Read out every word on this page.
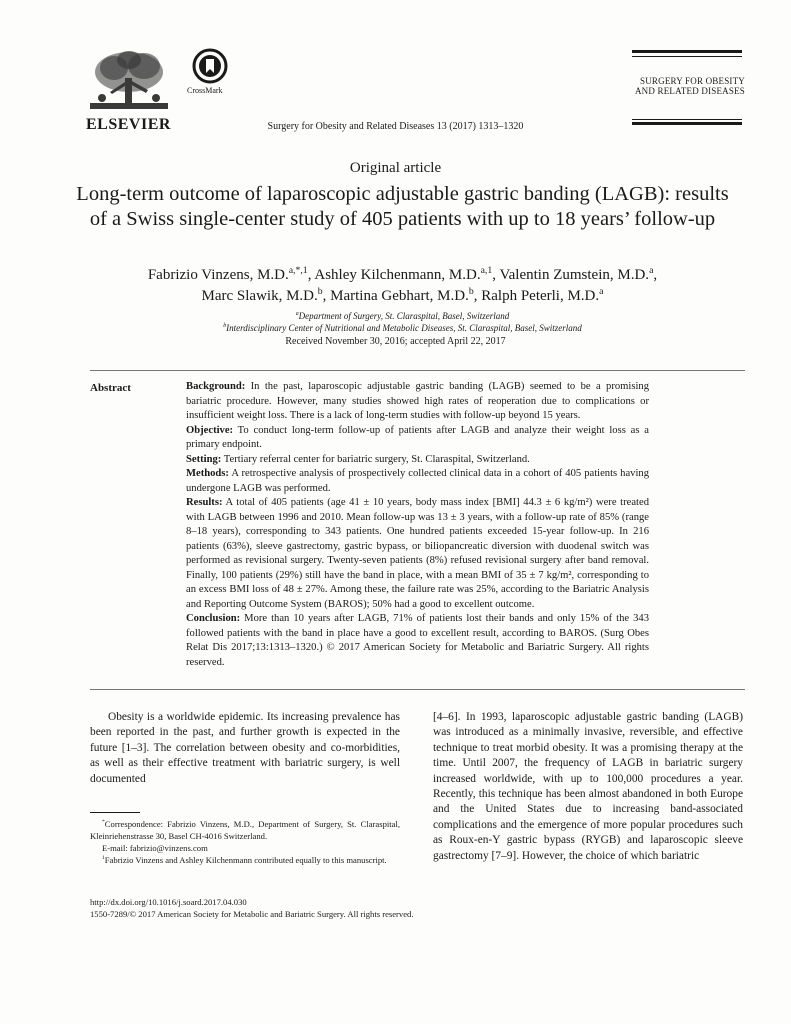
ELSEVIER
CrossMark
SURGERY FOR OBESITY
AND RELATED DISEASES
Surgery for Obesity and Related Diseases 13 (2017) 1313–1320
Original article
Long-term outcome of laparoscopic adjustable gastric banding (LAGB): results of a Swiss single-center study of 405 patients with up to 18 years’ follow-up
Fabrizio Vinzens, M.D.$^{a,*,1}$, Ashley Kilchenmann, M.D.$^{a,1}$, Valentin Zumstein, M.D.$^a$,
Marc Slawik, M.D.$^b$, Martina Gebhart, M.D.$^b$, Ralph Peterli, M.D.$^a$
$^a$Department of Surgery, St. Claraspital, Basel, Switzerland
$^b$Interdisciplinary Center of Nutritional and Metabolic Diseases, St. Claraspital, Basel, Switzerland
Received November 30, 2016; accepted April 22, 2017
Abstract	Background: In the past, laparoscopic adjustable gastric banding (LAGB) seemed to be a promising bariatric procedure. However, many studies showed high rates of reoperation due to complications or insufficient weight loss. There is a lack of long-term studies with follow-up beyond 15 years.

Objective: To conduct long-term follow-up of patients after LAGB and analyze their weight loss as a primary endpoint.

Setting: Tertiary referral center for bariatric surgery, St. Claraspital, Switzerland.

Methods: A retrospective analysis of prospectively collected clinical data in a cohort of 405 patients having undergone LAGB was performed.

Results: A total of 405 patients (age 41 ± 10 years, body mass index [BMI] 44.3 ± 6 kg/m²) were treated with LAGB between 1996 and 2010. Mean follow-up was 13 ± 3 years, with a follow-up rate of 85% (range 8–18 years), corresponding to 343 patients. One hundred patients exceeded 15-year follow-up. In 216 patients (63%), sleeve gastrectomy, gastric bypass, or biliopancreatic diversion with duodenal switch was performed as revisional surgery. Twenty-seven patients (8%) refused revisional surgery after band removal. Finally, 100 patients (29%) still have the band in place, with a mean BMI of 35 ± 7 kg/m², corresponding to an excess BMI loss of 48 ± 27%. Among these, the failure rate was 25%, according to the Bariatric Analysis and Reporting Outcome System (BAROS); 50% had a good to excellent outcome.

Conclusion: More than 10 years after LAGB, 71% of patients lost their bands and only 15% of the 343 followed patients with the band in place have a good to excellent result, according to BAROS. (Surg Obes Relat Dis 2017;13:1313–1320.) © 2017 American Society for Metabolic and Bariatric Surgery. All rights reserved.

Obesity is a worldwide epidemic. Its increasing prevalence has been reported in the past, and further growth is expected in the future [1–3]. The correlation between obesity and co-morbidities, as well as their effective treatment with bariatric surgery, is well documented

[4–6]. In 1993, laparoscopic adjustable gastric banding (LAGB) was introduced as a minimally invasive, reversible, and effective technique to treat morbid obesity. It was a promising therapy at the time. Until 2007, the frequency of LAGB in bariatric surgery increased worldwide, with up to 100,000 procedures a year. Recently, this technique has been almost abandoned in both Europe and the United States due to increasing band-associated complications and the emergence of more popular procedures such as Roux-en-Y gastric bypass (RYGB) and laparoscopic sleeve gastrectomy [7–9]. However, the choice of which bariatric

*Correspondence: Fabrizio Vinzens, M.D., Department of Surgery, St. Claraspital, Kleinriehenstrasse 30, Basel CH-4016 Switzerland.

E-mail: fabrizio@vinzens.com

$^1$Fabrizio Vinzens and Ashley Kilchenmann contributed equally to this manuscript.

http://dx.doi.org/10.1016/j.soard.2017.04.030
1550-7289/© 2017 American Society for Metabolic and Bariatric Surgery. All rights reserved.
